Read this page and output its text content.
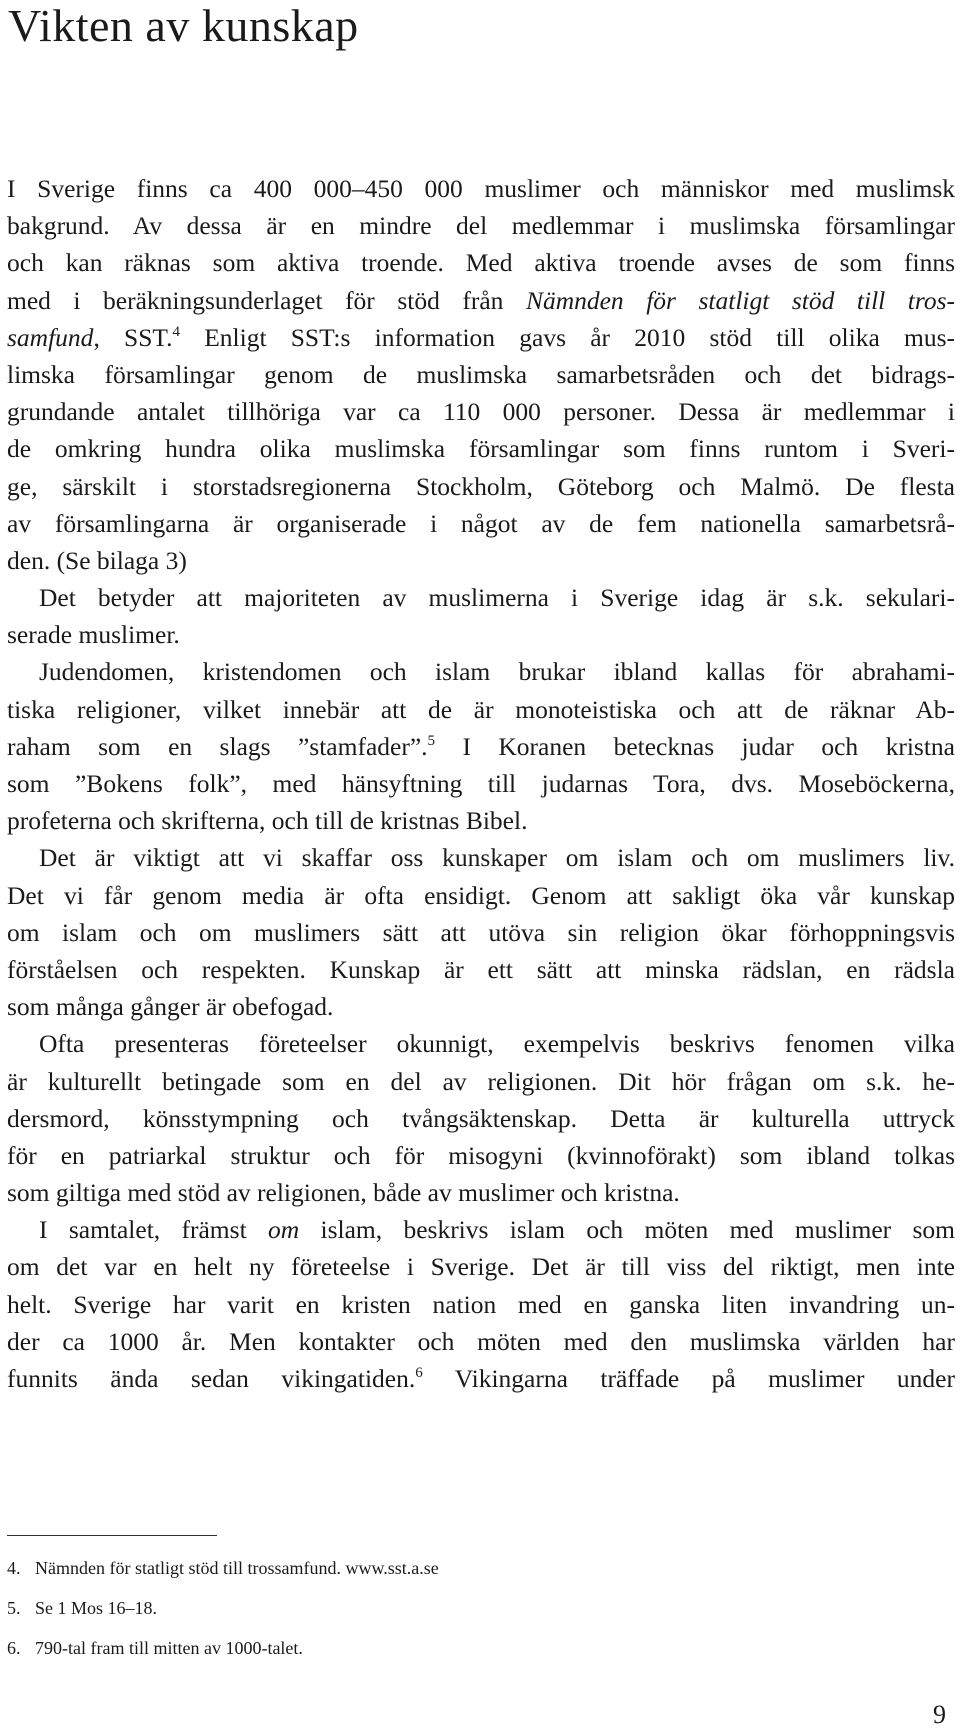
Vikten av kunskap
I Sverige finns ca 400 000–450 000 muslimer och människor med muslimsk
bakgrund. Av dessa är en mindre del medlemmar i muslimska församlingar
och kan räknas som aktiva troende. Med aktiva troende avses de som finns
med i beräkningsunderlaget för stöd från Nämnden för statligt stöd till tros-
samfund, SST.$^4$ Enligt SST:s information gavs år 2010 stöd till olika mus-
limska församlingar genom de muslimska samarbetsråden och det bidrags-
grundande antalet tillhöriga var ca 110 000 personer. Dessa är medlemmar i
de omkring hundra olika muslimska församlingar som finns runtom i Sveri-
ge, särskilt i storstadsregionerna Stockholm, Göteborg och Malmö. De flesta
av församlingarna är organiserade i något av de fem nationella samarbetsrå-
den. (Se bilaga 3)
Det betyder att majoriteten av muslimerna i Sverige idag är s.k. sekulari-
serade muslimer.
Judendomen, kristendomen och islam brukar ibland kallas för abrahami-
tiska religioner, vilket innebär att de är monoteistiska och att de räknar Ab-
raham som en slags ”stamfader”.$^5$ I Koranen betecknas judar och kristna
som ”Bokens folk”, med hänsyftning till judarnas Tora, dvs. Moseböckerna,
profeterna och skrifterna, och till de kristnas Bibel.
Det är viktigt att vi skaffar oss kunskaper om islam och om muslimers liv.
Det vi får genom media är ofta ensidigt. Genom att sakligt öka vår kunskap
om islam och om muslimers sätt att utöva sin religion ökar förhoppningsvis
förståelsen och respekten. Kunskap är ett sätt att minska rädslan, en rädsla
som många gånger är obefogad.
Ofta presenteras företeelser okunnigt, exempelvis beskrivs fenomen vilka
är kulturellt betingade som en del av religionen. Dit hör frågan om s.k. he-
dersmord, könsstympning och tvångsäktenskap. Detta är kulturella uttryck
för en patriarkal struktur och för misogyni (kvinnoförakt) som ibland tolkas
som giltiga med stöd av religionen, både av muslimer och kristna.
I samtalet, främst om islam, beskrivs islam och möten med muslimer som
om det var en helt ny företeelse i Sverige. Det är till viss del riktigt, men inte
helt. Sverige har varit en kristen nation med en ganska liten invandring un-
der ca 1000 år. Men kontakter och möten med den muslimska världen har
funnits ända sedan vikingatiden.$^6$ Vikingarna träffade på muslimer under
4. Nämnden för statligt stöd till trossamfund. www.sst.a.se
5. Se 1 Mos 16–18.
6. 790-tal fram till mitten av 1000-talet.
9
